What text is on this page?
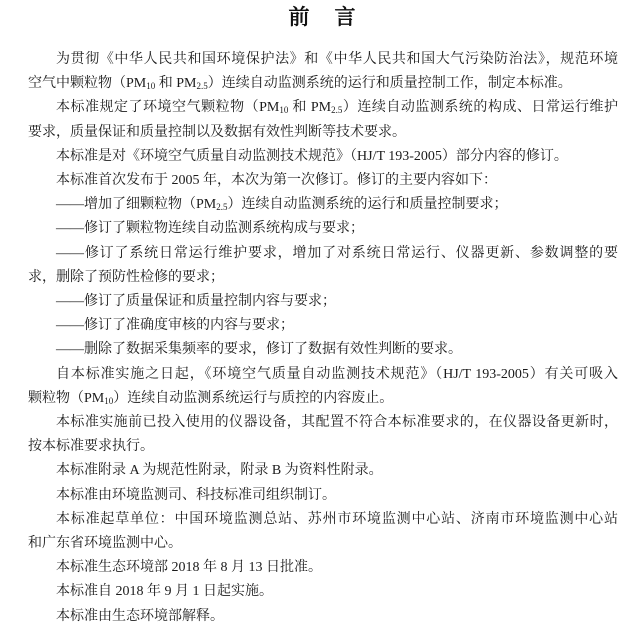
前　言
为贯彻《中华人民共和国环境保护法》和《中华人民共和国大气污染防治法》，规范环境
空气中颗粒物（$PM_{10}$ 和 $PM_{2.5}$）连续自动监测系统的运行和质量控制工作，制定本标准。
本标准规定了环境空气颗粒物（$PM_{10}$ 和 $PM_{2.5}$）连续自动监测系统的构成、日常运行维护
要求，质量保证和质量控制以及数据有效性判断等技术要求。
本标准是对《环境空气质量自动监测技术规范》（HJ/T 193-2005）部分内容的修订。
本标准首次发布于 2005 年，本次为第一次修订。修订的主要内容如下：
——增加了细颗粒物$(PM_{2.5})$连续自动监测系统的运行和质量控制要求；
——修订了颗粒物连续自动监测系统构成与要求；
——修订了系统日常运行维护要求，增加了对系统日常运行、仪器更新、参数调整的要
求，删除了预防性检修的要求；
——修订了质量保证和质量控制内容与要求；
——修订了准确度审核的内容与要求；
——删除了数据采集频率的要求，修订了数据有效性判断的要求。
自本标准实施之日起，《环境空气质量自动监测技术规范》（HJ/T 193-2005）有关可吸入
颗粒物$(PM_{10})$连续自动监测系统运行与质控的内容废止。
本标准实施前已投入使用的仪器设备，其配置不符合本标准要求的，在仪器设备更新时，
按本标准要求执行。
本标准附录 A 为规范性附录，附录 B 为资料性附录。
本标准由环境监测司、科技标准司组织制订。
本标准起草单位：中国环境监测总站、苏州市环境监测中心站、济南市环境监测中心站
和广东省环境监测中心。
本标准生态环境部 2018 年 8 月 13 日批准。
本标准自 2018 年 9 月 1 日起实施。
本标准由生态环境部解释。
